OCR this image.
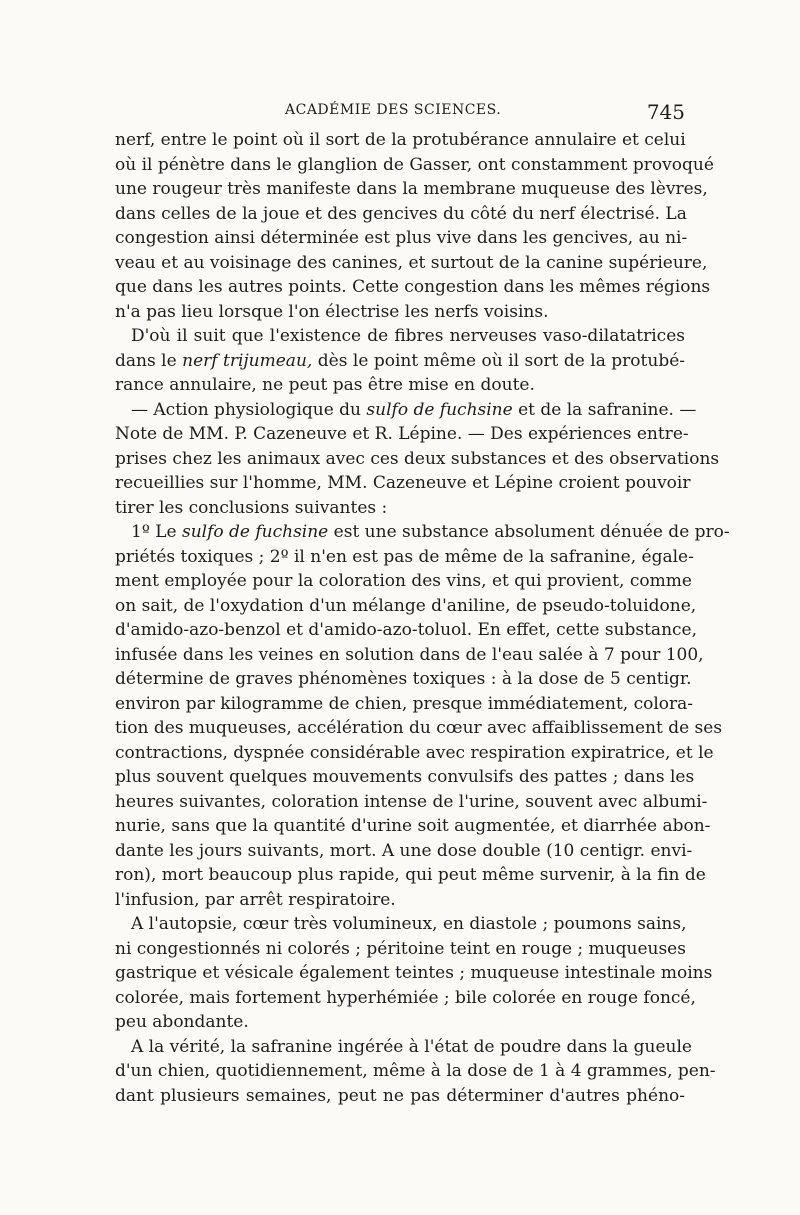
ACADÉMIE DES SCIENCES.	745
nerf, entre le point où il sort de la protubérance annulaire et celui
où il pénètre dans le glanglion de Gasser, ont constamment provoqué
une rougeur très manifeste dans la membrane muqueuse des lèvres,
dans celles de la joue et des gencives du côté du nerf électrisé. La
congestion ainsi déterminée est plus vive dans les gencives, au ni-
veau et au voisinage des canines, et surtout de la canine supérieure,
que dans les autres points. Cette congestion dans les mêmes régions
n'a pas lieu lorsque l'on électrise les nerfs voisins.
D'où il suit que l'existence de fibres nerveuses vaso-dilatatrices
dans le nerf trijumeau, dès le point même où il sort de la protubé-
rance annulaire, ne peut pas être mise en doute.
— Action physiologique du sulfo de fuchsine et de la safranine. —
Note de MM. P. Cazeneuve et R. Lépine. — Des expériences entre-
prises chez les animaux avec ces deux substances et des observations
recueillies sur l'homme, MM. Cazeneuve et Lépine croient pouvoir
tirer les conclusions suivantes :
1º Le sulfo de fuchsine est une substance absolument dénuée de pro-
priétés toxiques ; 2º il n'en est pas de même de la safranine, égale-
ment employée pour la coloration des vins, et qui provient, comme
on sait, de l'oxydation d'un mélange d'aniline, de pseudo-toluidone,
d'amido-azo-benzol et d'amido-azo-toluol. En effet, cette substance,
infusée dans les veines en solution dans de l'eau salée à 7 pour 100,
détermine de graves phénomènes toxiques : à la dose de 5 centigr.
environ par kilogramme de chien, presque immédiatement, colora-
tion des muqueuses, accélération du cœur avec affaiblissement de ses
contractions, dyspnée considérable avec respiration expiratrice, et le
plus souvent quelques mouvements convulsifs des pattes ; dans les
heures suivantes, coloration intense de l'urine, souvent avec albumi-
nurie, sans que la quantité d'urine soit augmentée, et diarrhée abon-
dante les jours suivants, mort. A une dose double (10 centigr. envi-
ron), mort beaucoup plus rapide, qui peut même survenir, à la fin de
l'infusion, par arrêt respiratoire.
A l'autopsie, cœur très volumineux, en diastole ; poumons sains,
ni congestionnés ni colorés ; péritoine teint en rouge ; muqueuses
gastrique et vésicale également teintes ; muqueuse intestinale moins
colorée, mais fortement hyperhémiée ; bile colorée en rouge foncé,
peu abondante.
A la vérité, la safranine ingérée à l'état de poudre dans la gueule
d'un chien, quotidiennement, même à la dose de 1 à 4 grammes, pen-
dant plusieurs semaines, peut ne pas déterminer d'autres phéno-
